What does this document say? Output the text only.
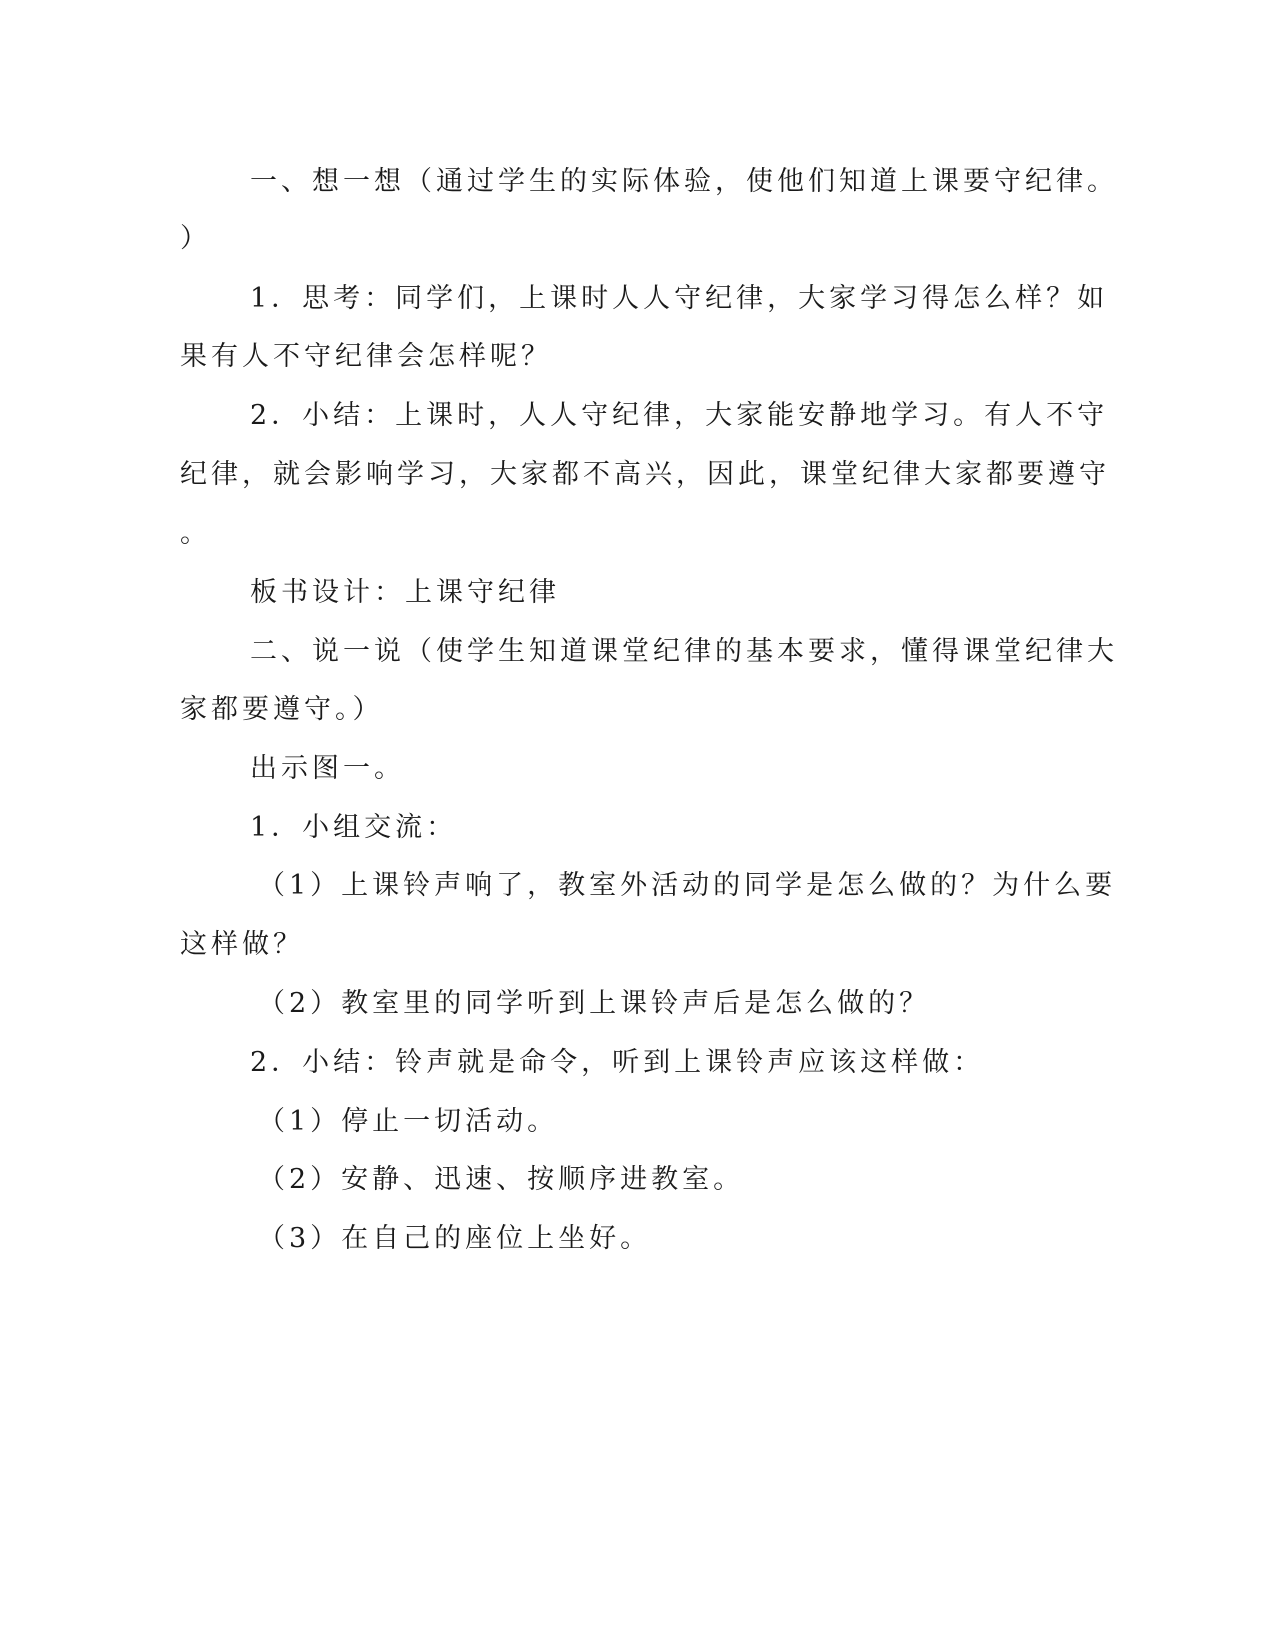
一、想一想（通过学生的实际体验，使他们知道上课要守纪律。
）
1．思考：同学们，上课时人人守纪律，大家学习得怎么样？如
果有人不守纪律会怎样呢？
2．小结：上课时，人人守纪律，大家能安静地学习。有人不守
纪律，就会影响学习，大家都不高兴，因此，课堂纪律大家都要遵守
。
板书设计：上课守纪律
二、说一说（使学生知道课堂纪律的基本要求，懂得课堂纪律大
家都要遵守。）
出示图一。
1．小组交流：
（1）上课铃声响了，教室外活动的同学是怎么做的？为什么要
这样做？
（2）教室里的同学听到上课铃声后是怎么做的？
2．小结：铃声就是命令，听到上课铃声应该这样做：
（1）停止一切活动。
（2）安静、迅速、按顺序进教室。
（3）在自己的座位上坐好。
